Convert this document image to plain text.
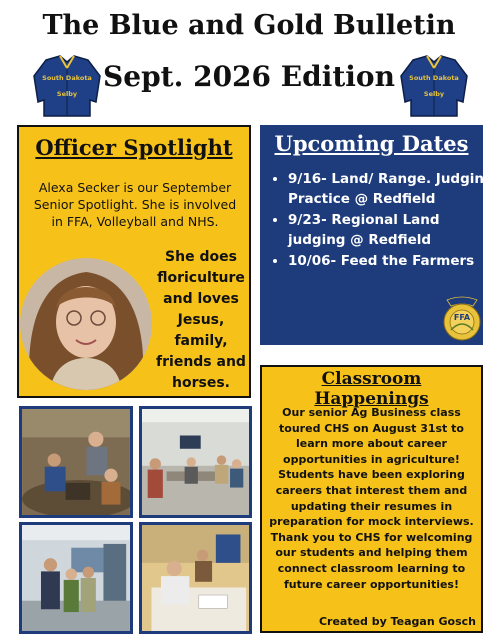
The Blue and Gold Bulletin
Sept. 2026 Edition
South Dakota
Selby
South Dakota
Selby
Officer Spotlight
Alexa Secker is our September Senior Spotlight. She is involved in FFA, Volleyball and NHS.
She does floriculture and loves Jesus, family, friends and horses.
Upcoming Dates
• 9/16- Land/ Range. Judging Practice @ Redfield
• 9/23- Regional Land judging @ Redfield
• 10/06- Feed the Farmers
FFA
Classroom Happenings
Our senior Ag Business class toured CHS on August 31st to learn more about career opportunities in agriculture! Students have been exploring careers that interest them and updating their resumes in preparation for mock interviews. Thank you to CHS for welcoming our students and helping them connect classroom learning to future career opportunities!
Created by Teagan Gosch
